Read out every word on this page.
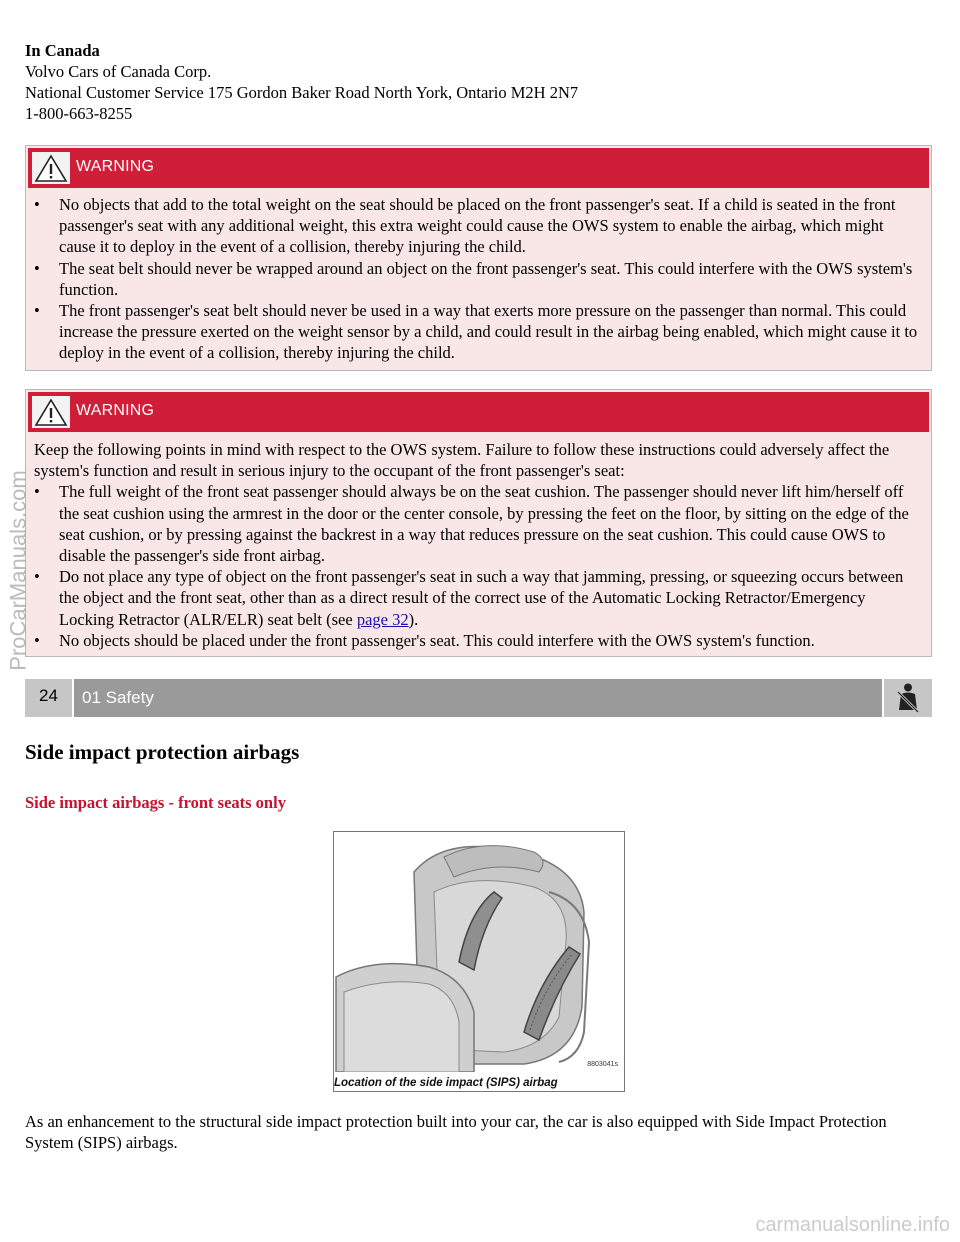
In Canada
Volvo Cars of Canada Corp.
National Customer Service 175 Gordon Baker Road North York, Ontario M2H 2N7
1-800-663-8255
WARNING
• No objects that add to the total weight on the seat should be placed on the front passenger's seat. If a child is seated in the front passenger's seat with any additional weight, this extra weight could cause the OWS system to enable the airbag, which might cause it to deploy in the event of a collision, thereby injuring the child.
• The seat belt should never be wrapped around an object on the front passenger's seat. This could interfere with the OWS system's function.
• The front passenger's seat belt should never be used in a way that exerts more pressure on the passenger than normal. This could increase the pressure exerted on the weight sensor by a child, and could result in the airbag being enabled, which might cause it to deploy in the event of a collision, thereby injuring the child.
WARNING
Keep the following points in mind with respect to the OWS system. Failure to follow these instructions could adversely affect the system's function and result in serious injury to the occupant of the front passenger's seat:
• The full weight of the front seat passenger should always be on the seat cushion. The passenger should never lift him/herself off the seat cushion using the armrest in the door or the center console, by pressing the feet on the floor, by sitting on the edge of the seat cushion, or by pressing against the backrest in a way that reduces pressure on the seat cushion. This could cause OWS to disable the passenger's side front airbag.
• Do not place any type of object on the front passenger's seat in such a way that jamming, pressing, or squeezing occurs between the object and the front seat, other than as a direct result of the correct use of the Automatic Locking Retractor/Emergency Locking Retractor (ALR/ELR) seat belt (see page 32).
• No objects should be placed under the front passenger's seat. This could interfere with the OWS system's function.
24	01 Safety
Side impact protection airbags
Side impact airbags - front seats only
8803041s
Location of the side impact (SIPS) airbag
As an enhancement to the structural side impact protection built into your car, the car is also equipped with Side Impact Protection System (SIPS) airbags.
ProCarManuals.com
carmanualsonline.info
